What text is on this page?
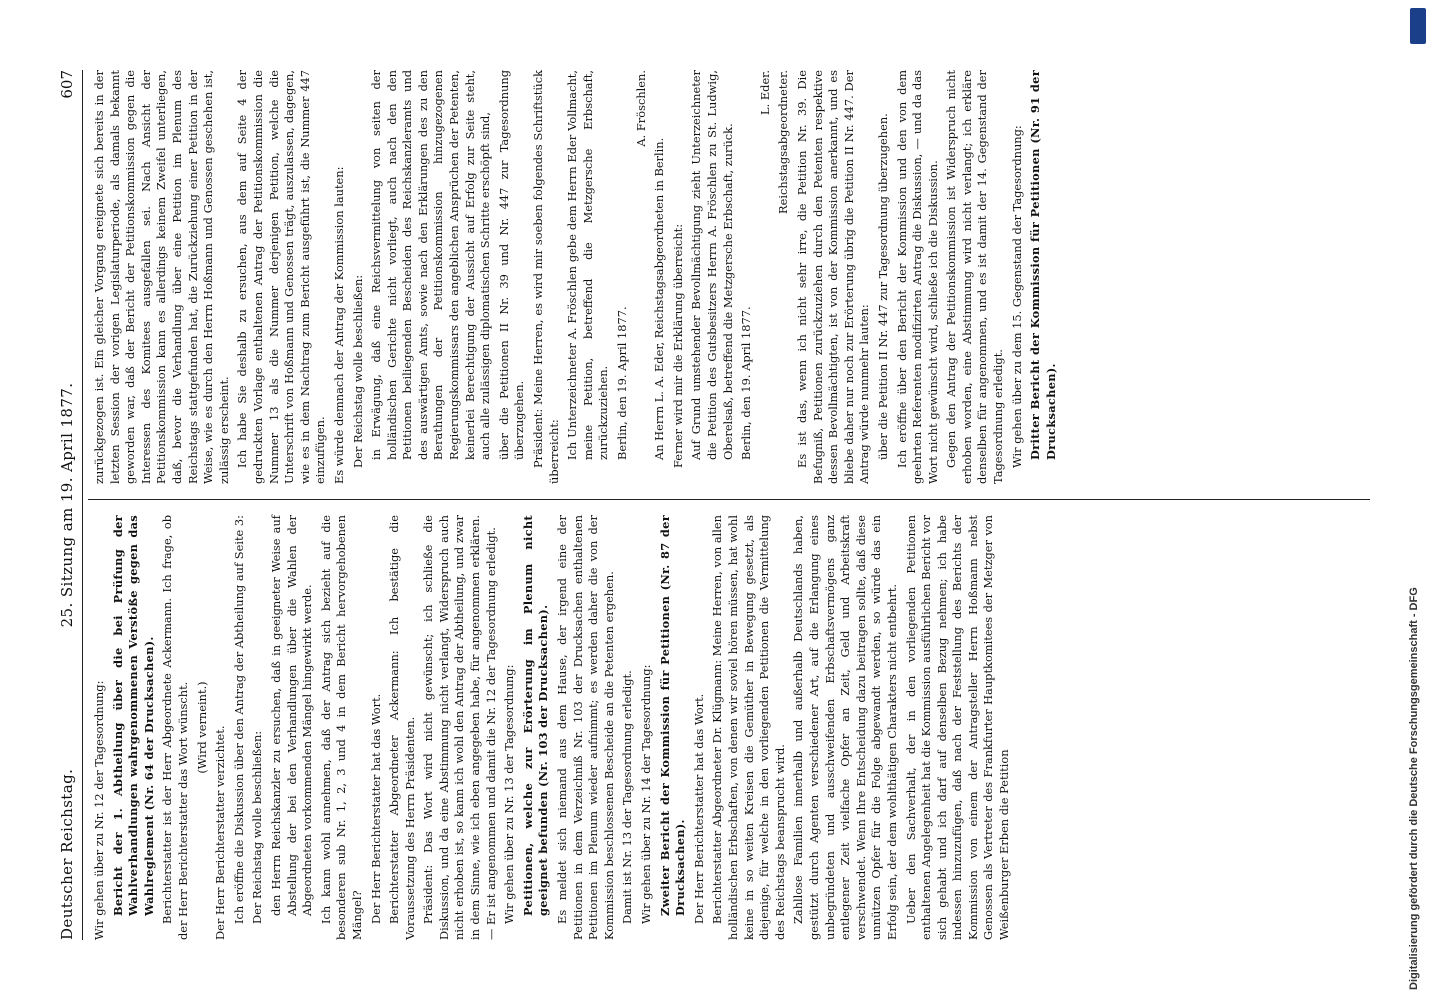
Deutscher Reichstag.
25. Sitzung am 19. April 1877.
607

Wir gehen über zu Nr. 12 der Tagesordnung: Bericht der 1. Abtheilung über die bei Prüfung der Wahlverhandlungen wahrgenommenen Verstöße gegen das Wahlreglement (Nr. 64 der Drucksachen). Berichterstatter ist der Herr Abgeordnete Ackermann. Ich frage, ob der Herr Berichterstatter das Wort wünscht. (Wird verneint.) Der Herr Berichterstatter verzichtet. Ich eröffne die Diskussion über den Antrag der Abtheilung auf Seite 3: Der Reichstag wolle beschließen: den Herrn Reichskanzler zu ersuchen, daß in geeigneter Weise auf Abstellung der bei den Verhandlungen über die Wahlen der Abgeordneten vorkommenden Mängel hingewirkt werde. Ich kann wohl annehmen, daß der Antrag sich bezieht auf die besonderen sub Nr. 1, 2, 3 und 4 in dem Bericht hervorgehobenen Mängel? Der Herr Berichterstatter hat das Wort. Berichterstatter Abgeordneter Ackermann: Ich bestätige die Voraussetzung des Herrn Präsidenten. Präsident: Das Wort wird nicht gewünscht; ich schließe die Diskussion, und da eine Abstimmung nicht verlangt, Widerspruch auch nicht erhoben ist, so kann ich wohl den Antrag der Abtheilung, und zwar in dem Sinne, wie ich eben angegeben habe, für angenommen erklären. — Er ist angenommen und damit die Nr. 12 der Tagesordnung erledigt. Wir gehen über zu Nr. 13 der Tagesordnung: Petitionen, welche zur Erörterung im Plenum nicht geeignet befunden (Nr. 103 der Drucksachen). Es meldet sich niemand aus dem Hause, der irgend eine der Petitionen in dem Verzeichniß Nr. 103 der Drucksachen enthaltenen Petitionen im Plenum wieder aufnimmt; es werden daher die von der Kommission beschlossenen Bescheide an die Petenten ergehen. Damit ist Nr. 13 der Tagesordnung erledigt. Wir gehen über zu Nr. 14 der Tagesordnung: Zweiter Bericht der Kommission für Petitionen (Nr. 87 der Drucksachen). Der Herr Berichterstatter hat das Wort. Berichterstatter Abgeordneter Dr. Klügmann: Meine Herren, von allen holländischen Erbschaften, von denen wir soviel hören müssen, hat wohl keine in so weiten Kreisen die Gemüther in Bewegung gesetzt, als diejenige, für welche in den vorliegenden Petitionen die Vermittelung des Reichstags beansprucht wird. Zahllose Familien innerhalb und außerhalb Deutschlands haben, gestützt durch Agenten verschiedener Art, auf die Erlangung eines unbegründeten und ausschweifenden Erbschaftsvermögens ganz entlegener Zeit vielfache Opfer an Zeit, Geld und Arbeitskraft verschwendet. Wenn Ihre Entscheidung dazu beitragen sollte, daß diese unnützen Opfer für die Folge abgewandt werden, so würde das ein Erfolg sein, der dem wohlthätigen Charakters nicht entbehrt. Ueber den Sachverhalt, der in den vorliegenden Petitionen enthaltenen Angelegenheit hat die Kommission ausführlichen Bericht vor sich gehabt und ich darf auf denselben Bezug nehmen; ich habe indessen hinzuzufügen, daß nach der Feststellung des Berichts der Kommission von einem der Antragsteller Herrn Hoßmann nebst Genossen als Vertreter des Frankfurter Hauptkomitees der Metzger von Weißenburger Erben die Petition

zurückgezogen ist. Ein gleicher Vorgang ereignete sich bereits in der letzten Session der vorigen Legislaturperiode, als damals bekannt geworden war, daß der Bericht der Petitionskommission gegen die Interessen des Komitees ausgefallen sei. Nach Ansicht der Petitionskommission kann es allerdings keinem Zweifel unterliegen, daß, bevor die Verhandlung über eine Petition im Plenum des Reichstags stattgefunden hat, die Zurückziehung einer Petition in der Weise, wie es durch den Herrn Hoßmann und Genossen geschehen ist, zulässig erscheint. Ich habe Sie deshalb zu ersuchen, aus dem auf Seite 4 der gedruckten Vorlage enthaltenen Antrag der Petitionskommission die Nummer 13 als die Nummer derjenigen Petition, welche die Unterschrift von Hoßmann und Genossen trägt, auszulassen, dagegen, wie es in dem Nachtrag zum Bericht ausgeführt ist, die Nummer 447 einzufügen. Es würde demnach der Antrag der Kommission lauten: Der Reichstag wolle beschließen: in Erwägung, daß eine Reichsvermittelung von seiten der holländischen Gerichte nicht vorliegt, auch nach den den Petitionen beiliegenden Bescheiden des Reichskanzleramts und des auswärtigen Amts, sowie nach den Erklärungen des zu den Berathungen der Petitionskommission hinzugezogenen Regierungskommissars den angeblichen Ansprüchen der Petenten, keinerlei Berechtigung der Aussicht auf Erfolg zur Seite steht, auch alle zulässigen diplomatischen Schritte erschöpft sind, über die Petitionen II Nr. 39 und Nr. 447 zur Tagesordnung überzugehen. Präsident: Meine Herren, es wird mir soeben folgendes Schriftstück überreicht: Ich Unterzeichneter A. Fröschlen gebe dem Herrn Eder Vollmacht, meine Petition, betreffend die Metzgersche Erbschaft, zurückzuziehen. Berlin, den 19. April 1877.

A. Fröschlen.

An Herrn L. A. Eder, Reichstagsabgeordneten in Berlin. Ferner wird mir die Erklärung überreicht: Auf Grund umstehender Bevollmächtigung zieht Unterzeichneter die Petition des Gutsbesitzers Herrn A. Fröschlen zu St. Ludwig, Oberelsaß, betreffend die Metzgersche Erbschaft, zurück. Berlin, den 19. April 1877.

L. Eder. Reichstagsabgeordneter. Es ist das, wenn ich nicht sehr irre, die Petition Nr. 39. Die Befugniß, Petitionen zurückzuziehen durch den Petenten respektive dessen Bevollmächtigten, ist von der Kommission anerkannt, und es bliebe daher nur noch zur Erörterung übrig die Petition II Nr. 447. Der Antrag würde nunmehr lauten: über die Petition II Nr. 447 zur Tagesordnung überzugehen. Ich eröffne über den Bericht der Kommission und den von dem geehrten Referenten modifizirten Antrag die Diskussion, — und da das Wort nicht gewünscht wird, schließe ich die Diskussion. Gegen den Antrag der Petitionskommission ist Widerspruch nicht erhoben worden, eine Abstimmung wird nicht verlangt; ich erkläre denselben für angenommen, und es ist damit der 14. Gegenstand der Tagesordnung erledigt. Wir gehen über zu dem 15. Gegenstand der Tagesordnung: Dritter Bericht der Kommission für Petitionen (Nr. 91 der Drucksachen).

Digitalisierung gefördert durch die Deutsche Forschungsgemeinschaft - DFG
